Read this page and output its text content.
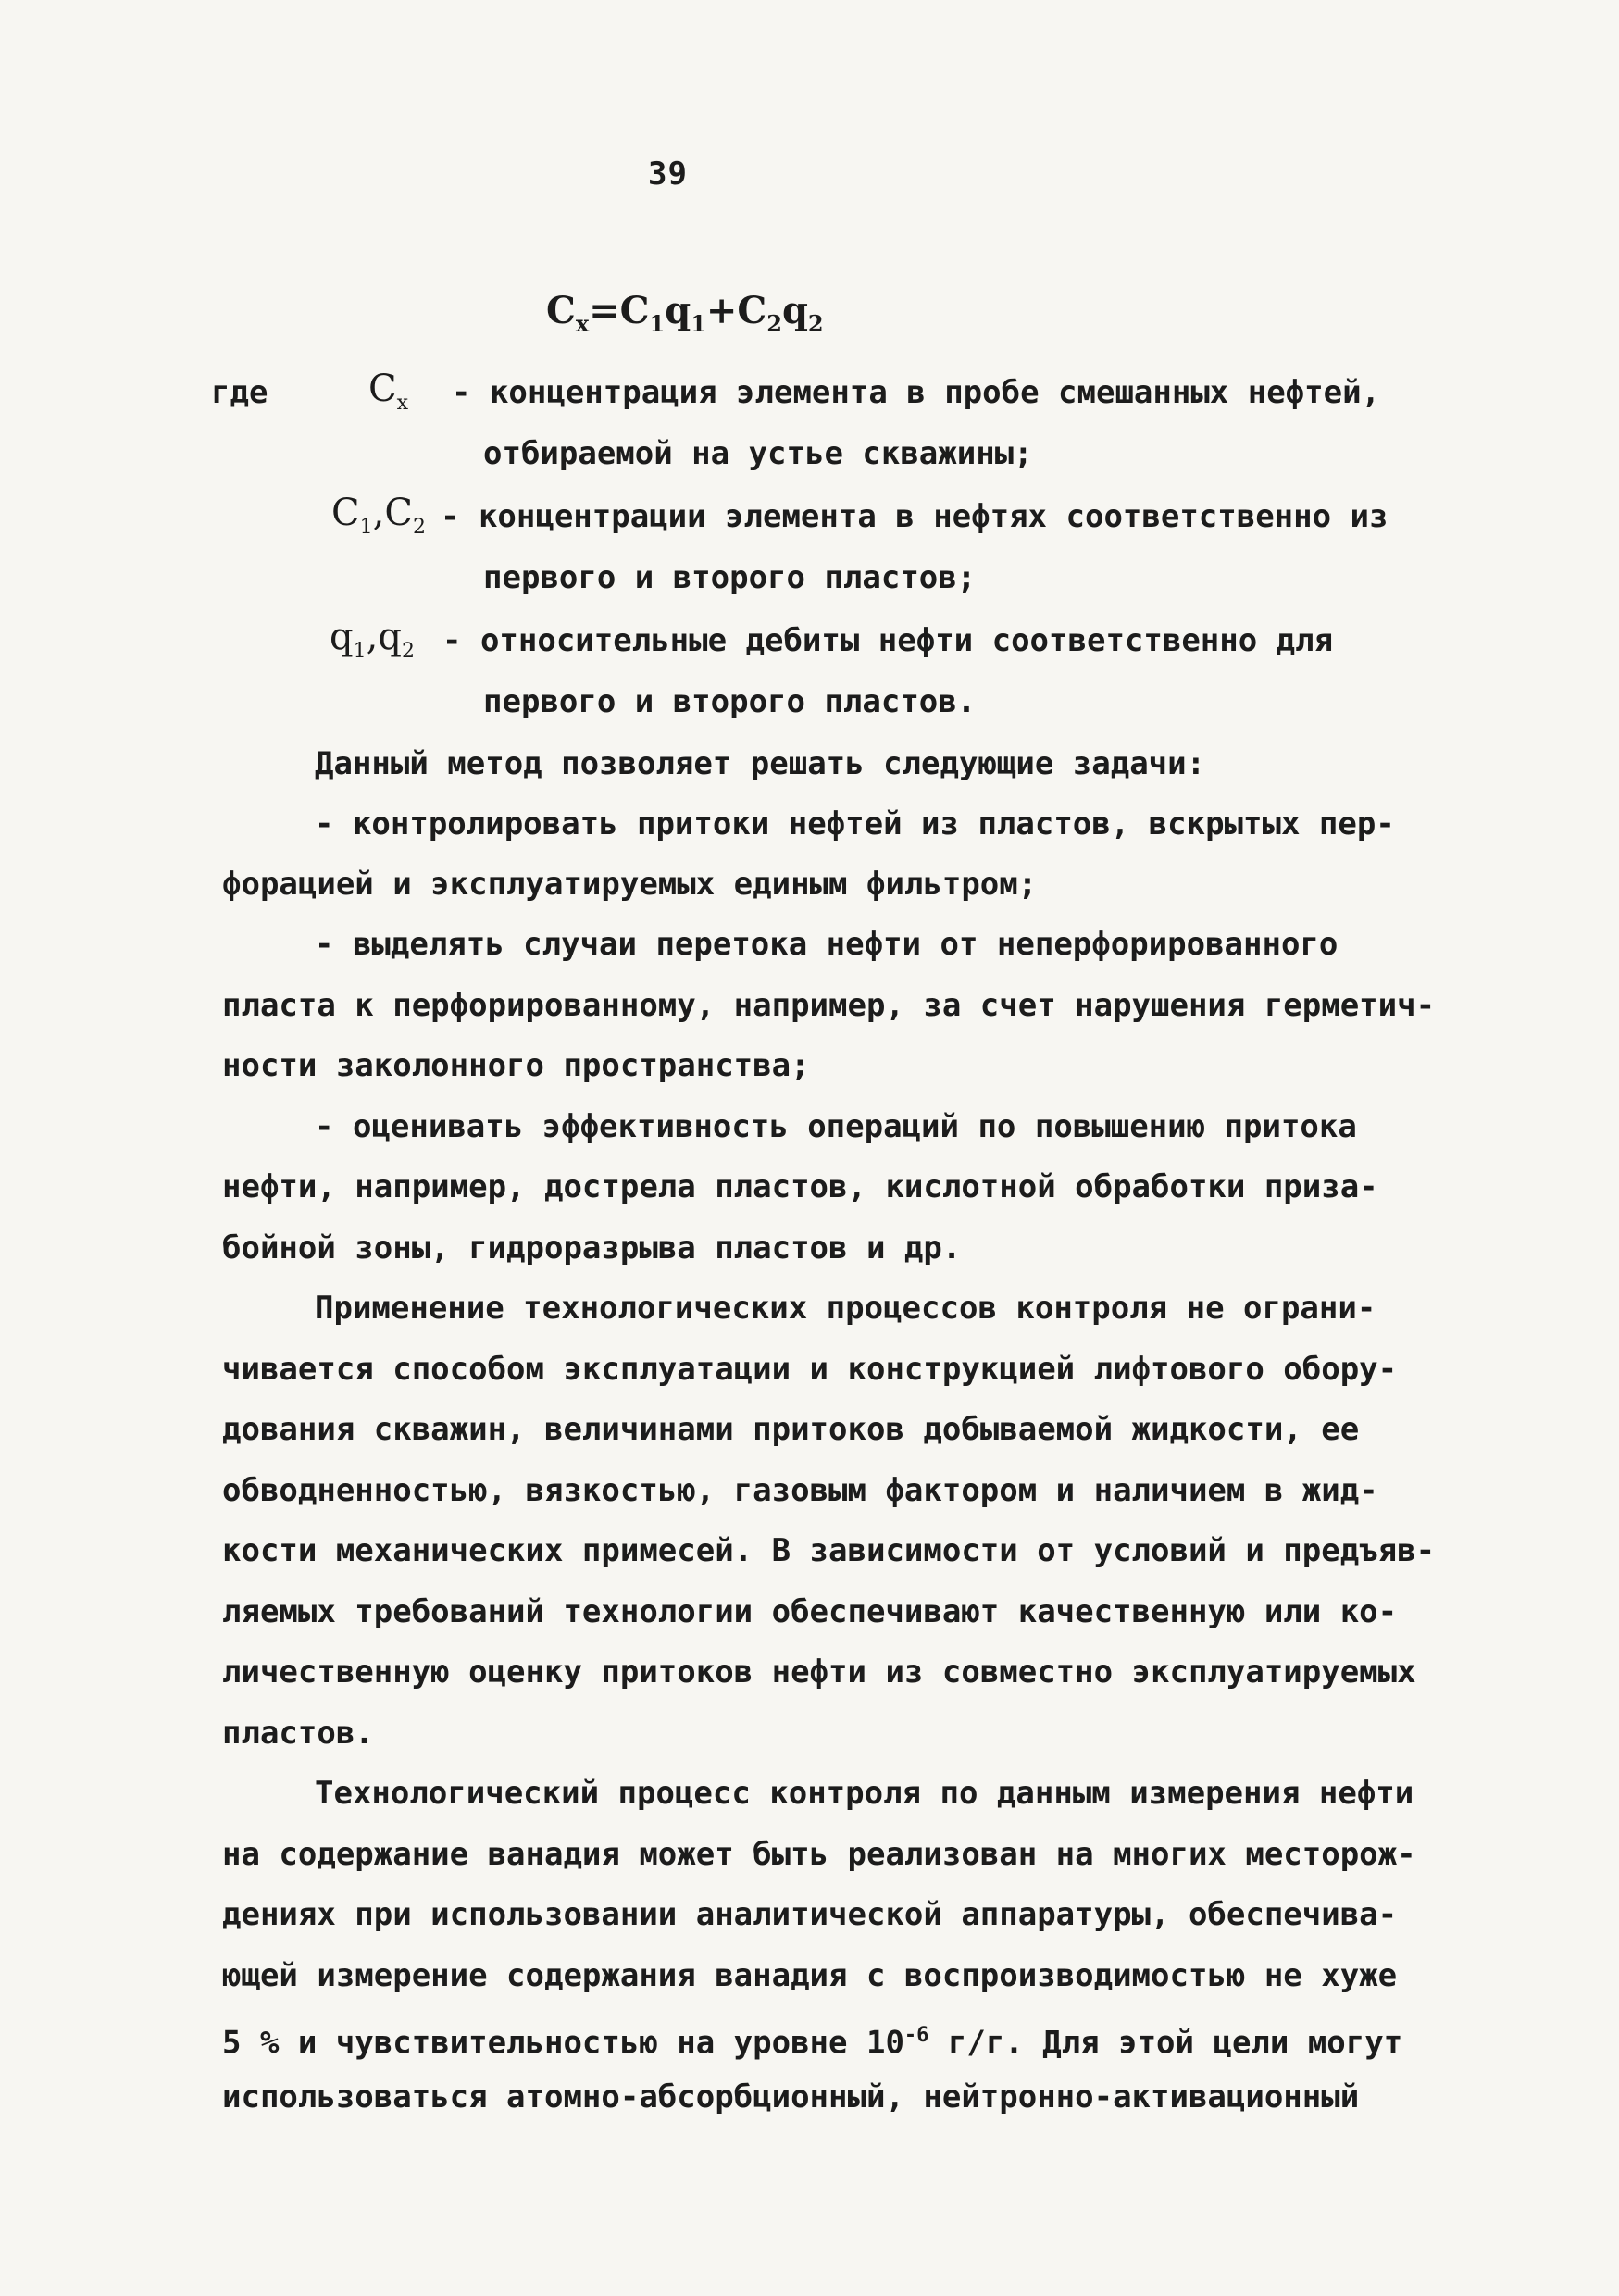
39
$C_x=C_1q_1+C_2q_2$
где	$C_x$ - концентрация элемента в пробе смешанных нефтей,
отбираемой на устье скважины;
$C_1,C_2$ - концентрации элемента в нефтях соответственно из
первого и второго пластов;
$q_1,q_2$ - относительные дебиты нефти соответственно для
первого и второго пластов.
Данный метод позволяет решать следующие задачи:
- контролировать притоки нефтей из пластов, вскрытых пер-
форацией и эксплуатируемых единым фильтром;
- выделять случаи перетока нефти от неперфорированного
пласта к перфорированному, например, за счет нарушения герметич-
ности заколонного пространства;
- оценивать эффективность операций по повышению притока
нефти, например, дострела пластов, кислотной обработки приза-
бойной зоны, гидроразрыва пластов и др.
Применение технологических процессов контроля не ограни-
чивается способом эксплуатации и конструкцией лифтового обору-
дования скважин, величинами притоков добываемой жидкости, ее
обводненностью, вязкостью, газовым фактором и наличием в жид-
кости механических примесей. В зависимости от условий и предъяв-
ляемых требований технологии обеспечивают качественную или ко-
личественную оценку притоков нефти из совместно эксплуатируемых
пластов.
Технологический процесс контроля по данным измерения нефти
на содержание ванадия может быть реализован на многих месторож-
дениях при использовании аналитической аппаратуры, обеспечива-
ющей измерение содержания ванадия с воспроизводимостью не хуже
5 % и чувствительностью на уровне $10^{-6}$ г/г. Для этой цели могут
использоваться атомно-абсорбционный, нейтронно-активационный
